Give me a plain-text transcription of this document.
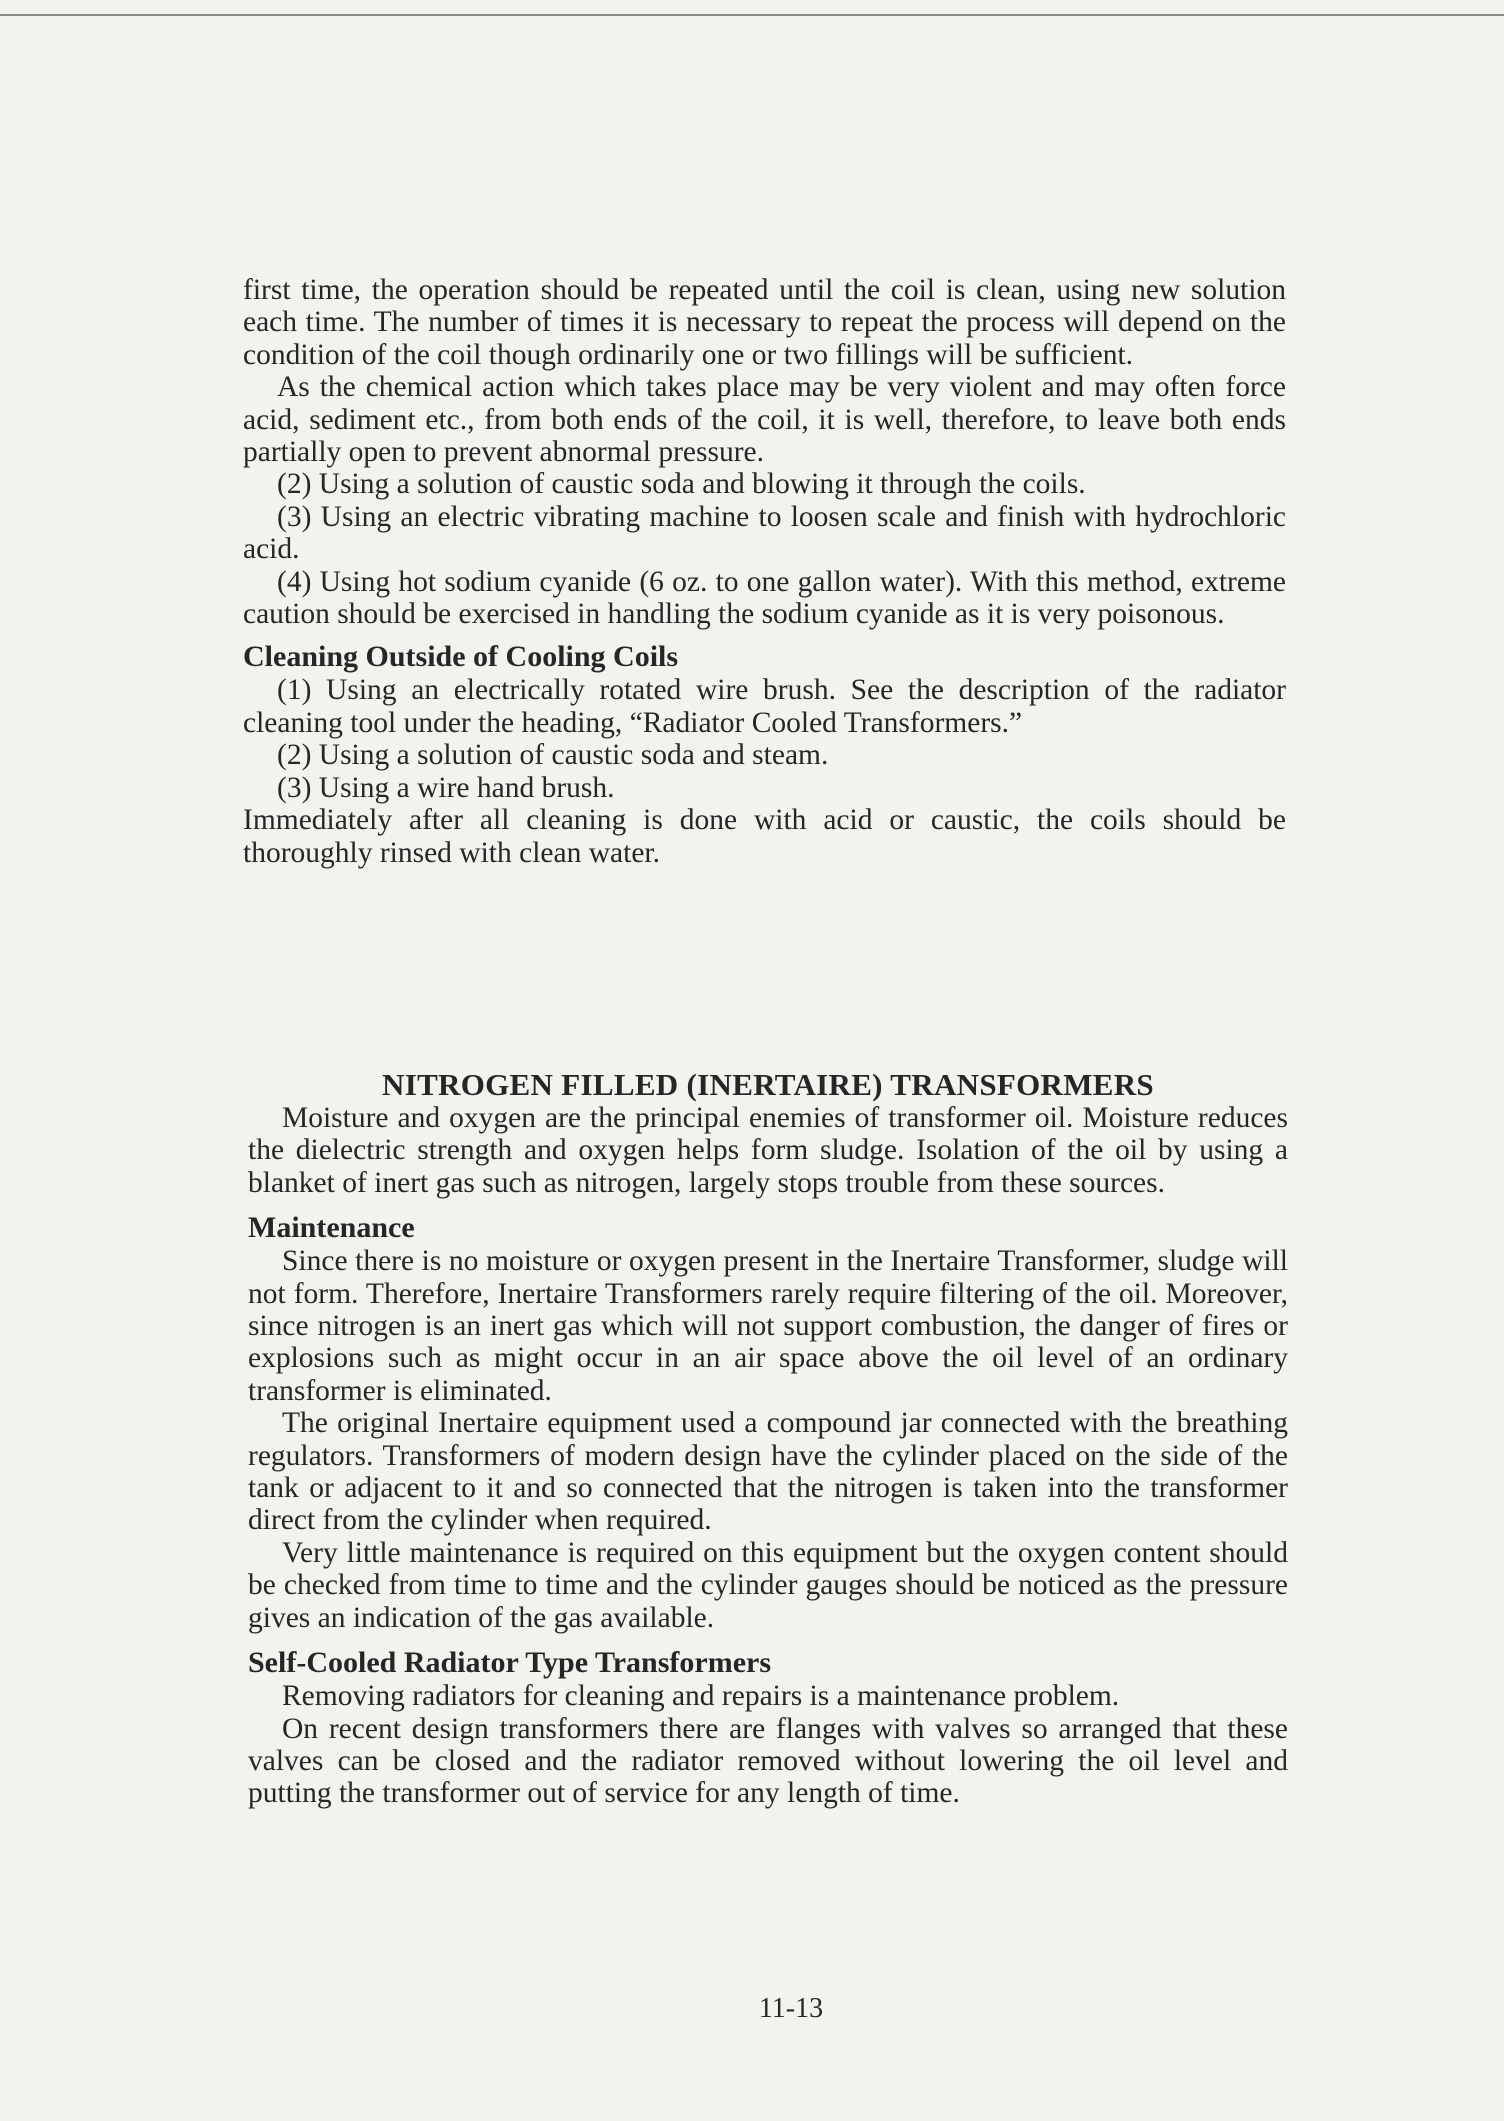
first time, the operation should be repeated until the coil is clean, using new solution each time. The number of times it is necessary to repeat the process will depend on the condition of the coil though ordinarily one or two fillings will be sufficient.

As the chemical action which takes place may be very violent and may often force acid, sediment etc., from both ends of the coil, it is well, therefore, to leave both ends partially open to prevent abnormal pressure.

(2) Using a solution of caustic soda and blowing it through the coils.

(3) Using an electric vibrating machine to loosen scale and finish with hydrochloric acid.

(4) Using hot sodium cyanide (6 oz. to one gallon water). With this method, extreme caution should be exercised in handling the sodium cyanide as it is very poisonous.

Cleaning Outside of Cooling Coils

(1) Using an electrically rotated wire brush. See the description of the radiator cleaning tool under the heading, “Radiator Cooled Transformers.”

(2) Using a solution of caustic soda and steam.

(3) Using a wire hand brush.

Immediately after all cleaning is done with acid or caustic, the coils should be thoroughly rinsed with clean water.

NITROGEN FILLED (INERTAIRE) TRANSFORMERS

Moisture and oxygen are the principal enemies of transformer oil. Moisture reduces the dielectric strength and oxygen helps form sludge. Isolation of the oil by using a blanket of inert gas such as nitrogen, largely stops trouble from these sources.

Maintenance

Since there is no moisture or oxygen present in the Inertaire Transformer, sludge will not form. Therefore, Inertaire Transformers rarely require filtering of the oil. Moreover, since nitrogen is an inert gas which will not support combustion, the danger of fires or explosions such as might occur in an air space above the oil level of an ordinary transformer is eliminated.

The original Inertaire equipment used a compound jar connected with the breathing regulators. Transformers of modern design have the cylinder placed on the side of the tank or adjacent to it and so connected that the nitrogen is taken into the transformer direct from the cylinder when required.

Very little maintenance is required on this equipment but the oxygen content should be checked from time to time and the cylinder gauges should be noticed as the pressure gives an indication of the gas available.

Self-Cooled Radiator Type Transformers

Removing radiators for cleaning and repairs is a maintenance problem.

On recent design transformers there are flanges with valves so arranged that these valves can be closed and the radiator removed without lowering the oil level and putting the transformer out of service for any length of time.

11-13
